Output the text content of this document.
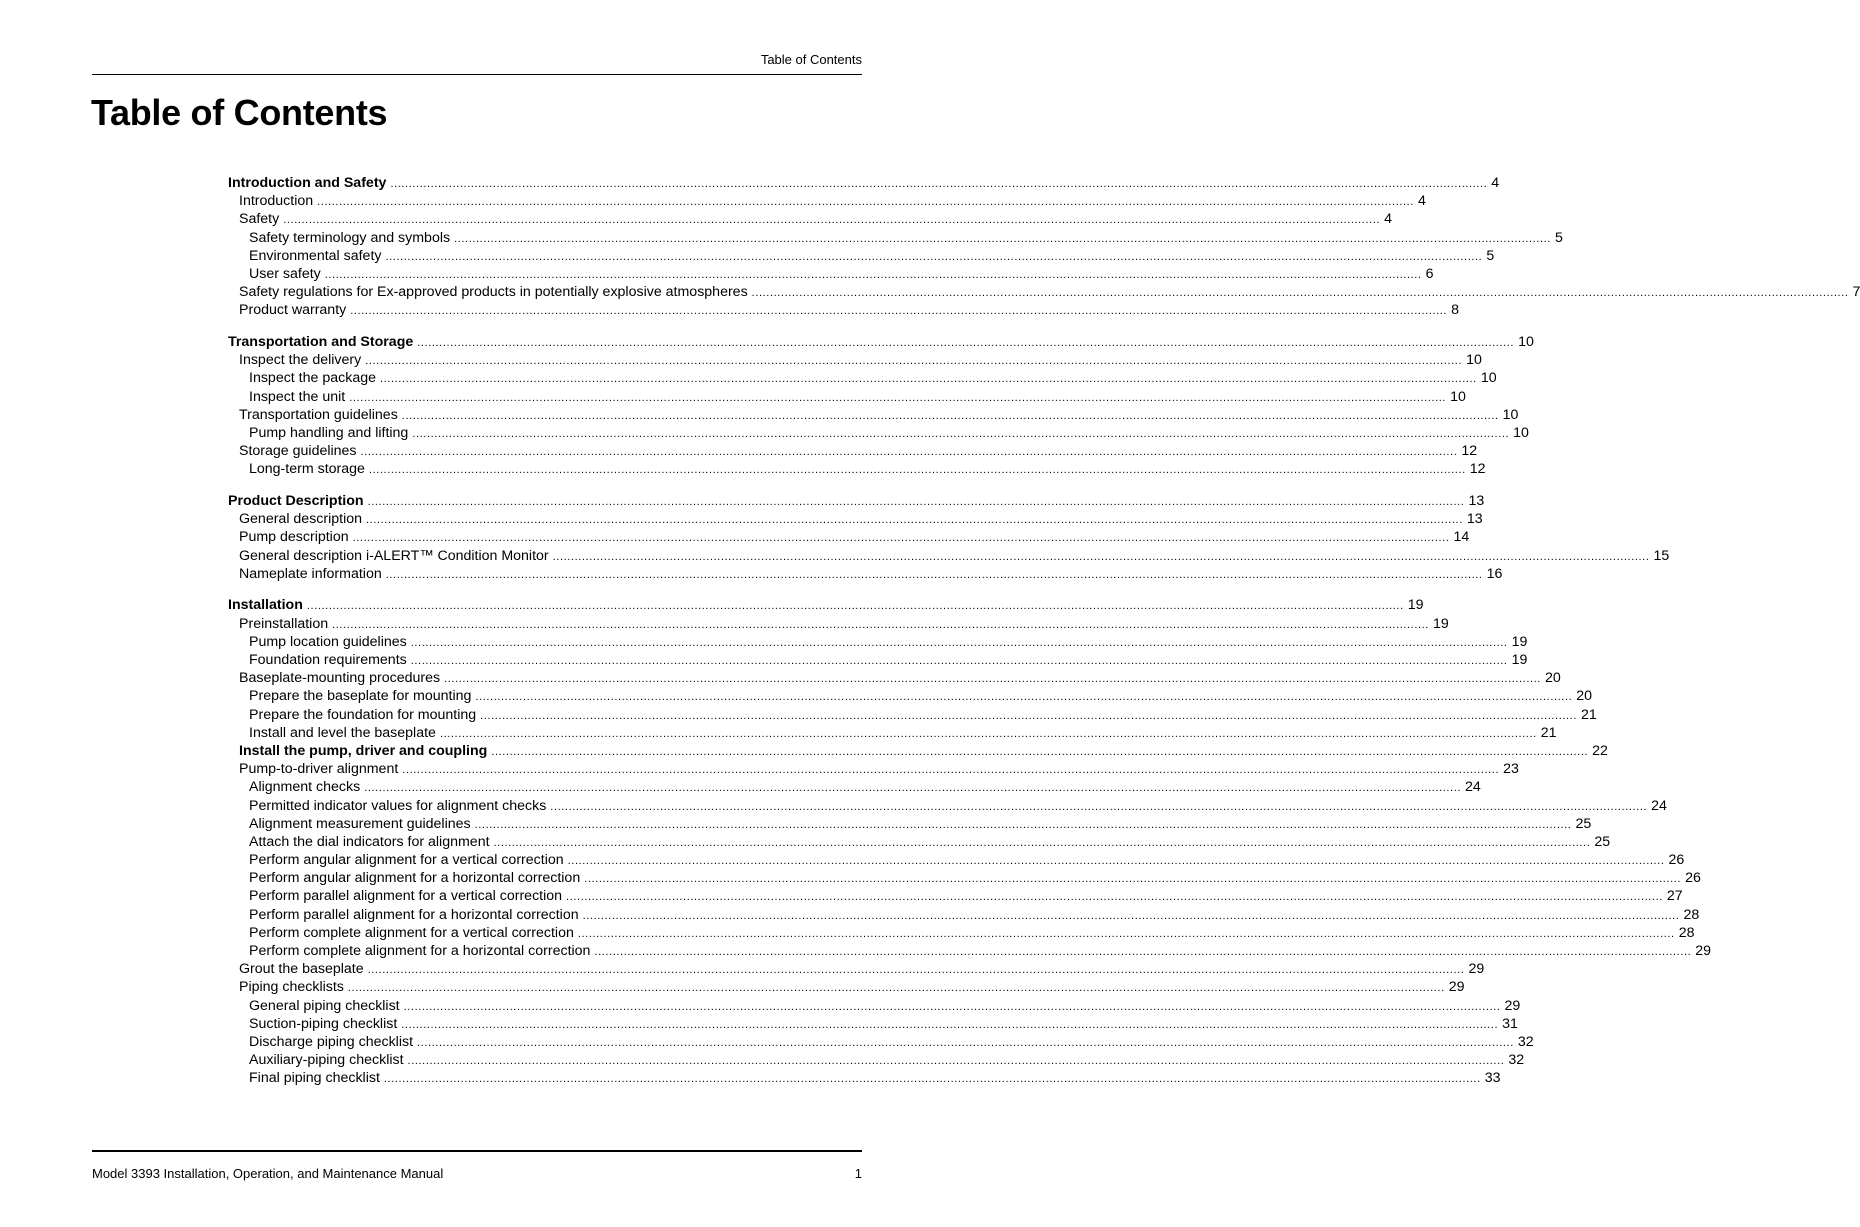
Table of Contents
Table of Contents
Introduction and Safety ............................................................................................................................................................................................................................................................................................................ 4
Introduction ............................................................................................................................................................................................................................................................................................................ 4
Safety ............................................................................................................................................................................................................................................................................................................ 4
Safety terminology and symbols ............................................................................................................................................................................................................................................................................................................ 5
Environmental safety ............................................................................................................................................................................................................................................................................................................ 5
User safety ............................................................................................................................................................................................................................................................................................................ 6
Safety regulations for Ex-approved products in potentially explosive atmospheres ............................................................................................................................................................................................................................................................................................................ 7
Product warranty ............................................................................................................................................................................................................................................................................................................ 8
Transportation and Storage ............................................................................................................................................................................................................................................................................................................ 10
Inspect the delivery ............................................................................................................................................................................................................................................................................................................ 10
Inspect the package ............................................................................................................................................................................................................................................................................................................ 10
Inspect the unit ............................................................................................................................................................................................................................................................................................................ 10
Transportation guidelines ............................................................................................................................................................................................................................................................................................................ 10
Pump handling and lifting ............................................................................................................................................................................................................................................................................................................ 10
Storage guidelines ............................................................................................................................................................................................................................................................................................................ 12
Long-term storage ............................................................................................................................................................................................................................................................................................................ 12
Product Description ............................................................................................................................................................................................................................................................................................................ 13
General description ............................................................................................................................................................................................................................................................................................................ 13
Pump description ............................................................................................................................................................................................................................................................................................................ 14
General description i-ALERT™ Condition Monitor ............................................................................................................................................................................................................................................................................................................ 15
Nameplate information ............................................................................................................................................................................................................................................................................................................ 16
Installation ............................................................................................................................................................................................................................................................................................................ 19
Preinstallation ............................................................................................................................................................................................................................................................................................................ 19
Pump location guidelines ............................................................................................................................................................................................................................................................................................................ 19
Foundation requirements ............................................................................................................................................................................................................................................................................................................ 19
Baseplate-mounting procedures ............................................................................................................................................................................................................................................................................................................ 20
Prepare the baseplate for mounting ............................................................................................................................................................................................................................................................................................................ 20
Prepare the foundation for mounting ............................................................................................................................................................................................................................................................................................................ 21
Install and level the baseplate ............................................................................................................................................................................................................................................................................................................ 21
Install the pump, driver and coupling ............................................................................................................................................................................................................................................................................................................ 22
Pump-to-driver alignment ............................................................................................................................................................................................................................................................................................................ 23
Alignment checks ............................................................................................................................................................................................................................................................................................................ 24
Permitted indicator values for alignment checks ............................................................................................................................................................................................................................................................................................................ 24
Alignment measurement guidelines ............................................................................................................................................................................................................................................................................................................ 25
Attach the dial indicators for alignment ............................................................................................................................................................................................................................................................................................................ 25
Perform angular alignment for a vertical correction ............................................................................................................................................................................................................................................................................................................ 26
Perform angular alignment for a horizontal correction ............................................................................................................................................................................................................................................................................................................ 26
Perform parallel alignment for a vertical correction ............................................................................................................................................................................................................................................................................................................ 27
Perform parallel alignment for a horizontal correction ............................................................................................................................................................................................................................................................................................................ 28
Perform complete alignment for a vertical correction ............................................................................................................................................................................................................................................................................................................ 28
Perform complete alignment for a horizontal correction ............................................................................................................................................................................................................................................................................................................ 29
Grout the baseplate ............................................................................................................................................................................................................................................................................................................ 29
Piping checklists ............................................................................................................................................................................................................................................................................................................ 29
General piping checklist ............................................................................................................................................................................................................................................................................................................ 29
Suction-piping checklist ............................................................................................................................................................................................................................................................................................................ 31
Discharge piping checklist ............................................................................................................................................................................................................................................................................................................ 32
Auxiliary-piping checklist ............................................................................................................................................................................................................................................................................................................ 32
Final piping checklist ............................................................................................................................................................................................................................................................................................................ 33
Model 3393 Installation, Operation, and Maintenance Manual	1
